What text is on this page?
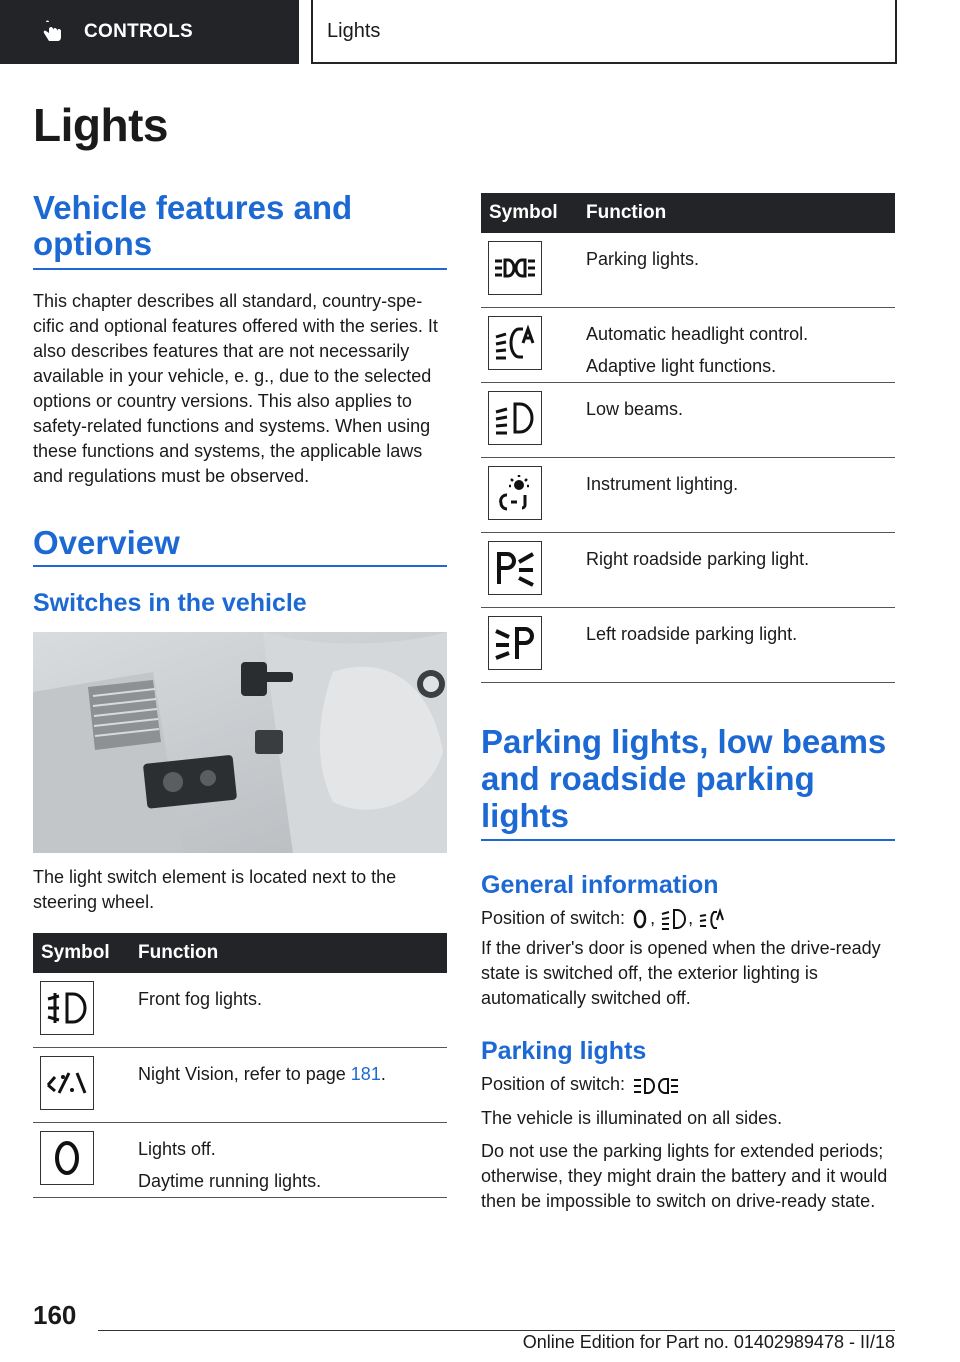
CONTROLS	Lights
Lights
Vehicle features and options

This chapter describes all standard, country-specific and optional features offered with the series. It also describes features that are not necessarily available in your vehicle, e. g., due to the selected options or country versions. This also applies to safety-related functions and systems. When using these functions and systems, the applicable laws and regulations must be observed.

Overview
Switches in the vehicle

The light switch element is located next to the steering wheel.

Symbol	Function

Front fog lights.

	Night Vision, refer to page 181.

Lights off.
Daytime running lights.
Symbol	Function

Parking lights.

Automatic headlight control.
Adaptive light functions.

Low beams.

Instrument lighting.

Right roadside parking light.

Left roadside parking light.
Parking lights, low beams and roadside parking lights
General information

Position of switch: , ,

If the driver's door is opened when the drive-ready state is switched off, the exterior lighting is automatically switched off.

Parking lights

Position of switch:

The vehicle is illuminated on all sides.

Do not use the parking lights for extended periods; otherwise, they might drain the battery and it would then be impossible to switch on drive-ready state.

160
Online Edition for Part no. 01402989478 - II/18
